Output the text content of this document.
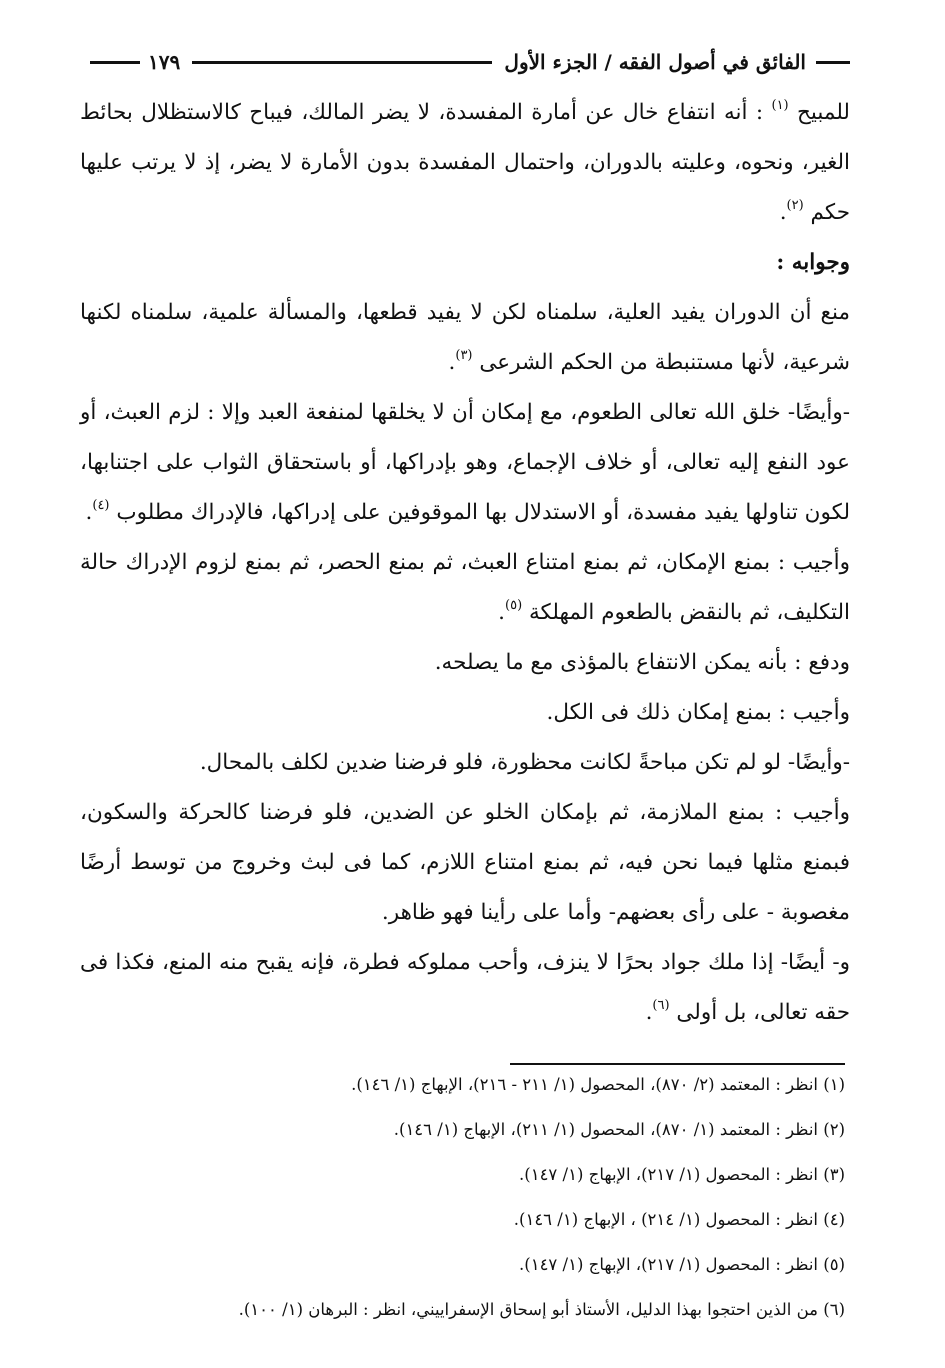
الفائق في أصول الفقه / الجزء الأول
١٧٩

للمبيح $^{(١)}$ : أنه انتفاع خال عن أمارة المفسدة، لا يضر المالك، فيباح كالاستظلال بحائط الغير، ونحوه، وعليته بالدوران، واحتمال المفسدة بدون الأمارة لا يضر، إذ لا يرتب عليها حكم $^{(٢)}$.

وجوابه :

منع أن الدوران يفيد العلية، سلمناه لكن لا يفيد قطعها، والمسألة علمية، سلمناه لكنها شرعية، لأنها مستنبطة من الحكم الشرعى $^{(٣)}$.

-وأيضًا- خلق الله تعالى الطعوم، مع إمكان أن لا يخلقها لمنفعة العبد وإلا : لزم العبث، أو عود النفع إليه تعالى، أو خلاف الإجماع، وهو بإدراكها، أو باستحقاق الثواب على اجتنابها، لكون تناولها يفيد مفسدة، أو الاستدلال بها الموقوفين على إدراكها، فالإدراك مطلوب $^{(٤)}$.

وأجيب : بمنع الإمكان، ثم بمنع امتناع العبث، ثم بمنع الحصر، ثم بمنع لزوم الإدراك حالة التكليف، ثم بالنقض بالطعوم المهلكة $^{(٥)}$.

ودفع : بأنه يمكن الانتفاع بالمؤذى مع ما يصلحه.

وأجيب : بمنع إمكان ذلك فى الكل.

-وأيضًا- لو لم تكن مباحةً لكانت محظورة، فلو فرضنا ضدين لكلف بالمحال.

وأجيب : بمنع الملازمة، ثم بإمكان الخلو عن الضدين، فلو فرضنا كالحركة والسكون، فبمنع مثلها فيما نحن فيه، ثم بمنع امتناع اللازم، كما فى لبث وخروج من توسط أرضًا مغصوبة - على رأى بعضهم- وأما على رأينا فهو ظاهر.

و- أيضًا- إذا ملك جواد بحرًا لا ينزف، وأحب مملوكه فطرة، فإنه يقبح منه المنع، فكذا فى حقه تعالى، بل أولى $^{(٦)}$.

(١) انظر : المعتمد (٢/ ٨٧٠)، المحصول (١/ ٢١١ - ٢١٦)، الإبهاج (١/ ١٤٦).
(٢) انظر : المعتمد (١/ ٨٧٠)، المحصول (١/ ٢١١)، الإبهاج (١/ ١٤٦).
(٣) انظر : المحصول (١/ ٢١٧)، الإبهاج (١/ ١٤٧).
(٤) انظر : المحصول (١/ ٢١٤) ، الإبهاج (١/ ١٤٦).
(٥) انظر : المحصول (١/ ٢١٧)، الإبهاج (١/ ١٤٧).
(٦) من الذين احتجوا بهذا الدليل، الأستاذ أبو إسحاق الإسفراييني، انظر : البرهان (١/ ١٠٠).
